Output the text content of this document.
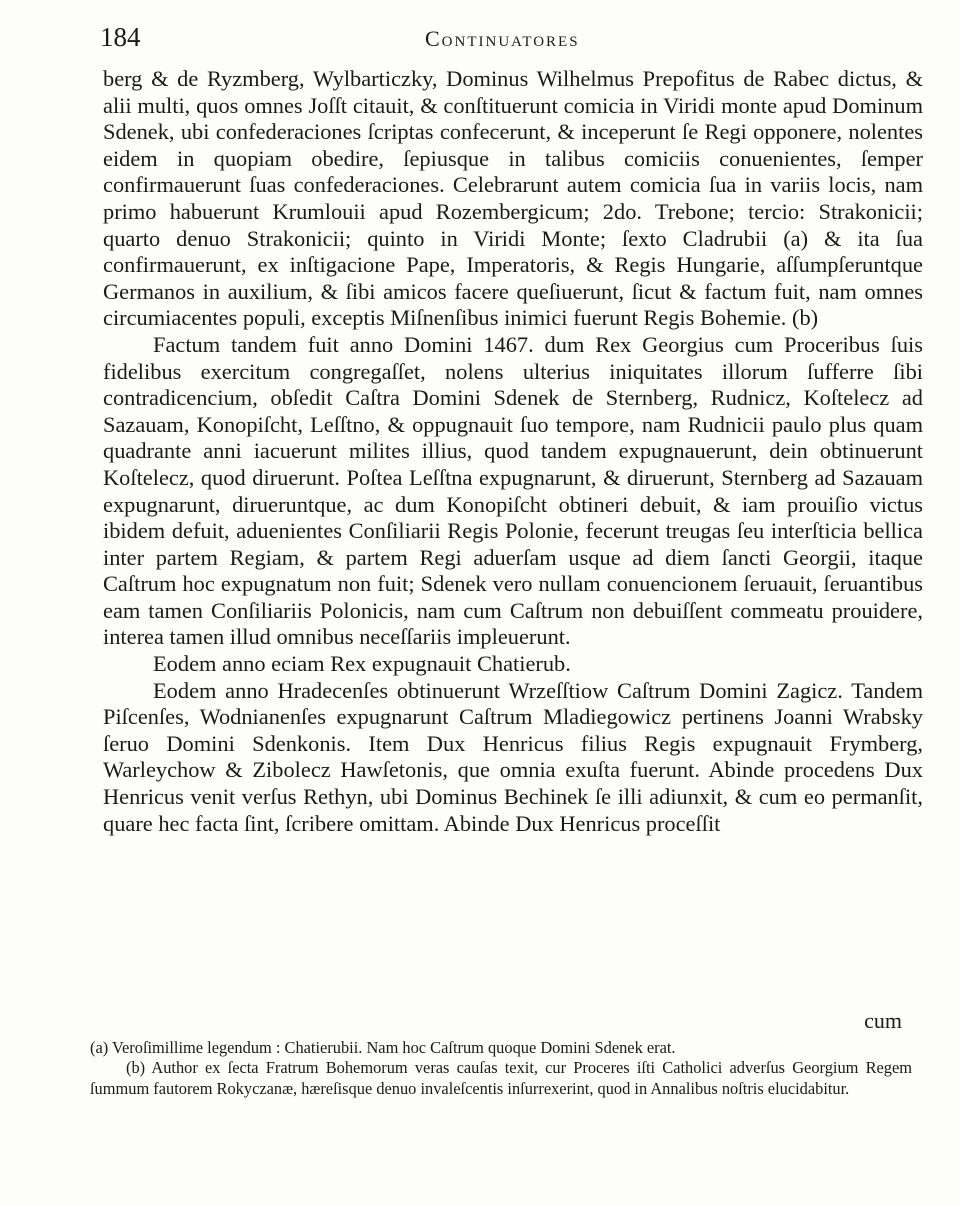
184	Continuatores

berg & de Ryzmberg, Wylbarticzky, Dominus Wilhelmus Prepofitus de Rabec dictus, & alii multi, quos omnes Joſſt citauit, & conſtituerunt comicia in Viridi monte apud Dominum Sdenek, ubi confederaciones ſcriptas confecerunt, & inceperunt ſe Regi opponere, nolentes eidem in quopiam obedire, ſepiusque in talibus comiciis conuenientes, ſemper confirmauerunt ſuas confederaciones. Celebrarunt autem comicia ſua in variis locis, nam primo habuerunt Krumlouii apud Rozembergicum; 2do. Trebone; tercio: Strakonicii; quarto denuo Strakonicii; quinto in Viridi Monte; ſexto Cladrubii (a) & ita ſua confirmauerunt, ex inſtigacione Pape, Imperatoris, & Regis Hungarie, aſſumpſeruntque Germanos in auxilium, & ſibi amicos facere queſiuerunt, ſicut & factum fuit, nam omnes circumiacentes populi, exceptis Miſnenſibus inimici fuerunt Regis Bohemie. (b)

Factum tandem fuit anno Domini 1467. dum Rex Georgius cum Proceribus ſuis fidelibus exercitum congregaſſet, nolens ulterius iniquitates illorum ſufferre ſibi contradicencium, obſedit Caſtra Domini Sdenek de Sternberg, Rudnicz, Koſtelecz ad Sazauam, Konopiſcht, Leſſtno, & oppugnauit ſuo tempore, nam Rudnicii paulo plus quam quadrante anni iacuerunt milites illius, quod tandem expugnauerunt, dein obtinuerunt Koſtelecz, quod diruerunt. Poſtea Leſſtna expugnarunt, & diruerunt, Sternberg ad Sazauam expugnarunt, dirueruntque, ac dum Konopiſcht obtineri debuit, & iam prouiſio victus ibidem defuit, aduenientes Conſiliarii Regis Polonie, fecerunt treugas ſeu interſticia bellica inter partem Regiam, & partem Regi aduerſam usque ad diem ſancti Georgii, itaque Caſtrum hoc expugnatum non fuit; Sdenek vero nullam conuencionem ſeruauit, ſeruantibus eam tamen Conſiliariis Polonicis, nam cum Caſtrum non debuiſſent commeatu prouidere, interea tamen illud omnibus neceſſariis impleuerunt.

Eodem anno eciam Rex expugnauit Chatierub.

Eodem anno Hradecenſes obtinuerunt Wrzeſſtiow Caſtrum Domini Zagicz. Tandem Piſcenſes, Wodnianenſes expugnarunt Caſtrum Mladiegowicz pertinens Joanni Wrabsky ſeruo Domini Sdenkonis. Item Dux Henricus filius Regis expugnauit Frymberg, Warleychow & Zibolecz Hawſetonis, que omnia exuſta fuerunt. Abinde procedens Dux Henricus venit verſus Rethyn, ubi Dominus Bechinek ſe illi adiunxit, & cum eo permanſit, quare hec facta ſint, ſcribere omittam. Abinde Dux Henricus proceſſit

cum

(a) Veroſimillime legendum : Chatierubii. Nam hoc Caſtrum quoque Domini Sdenek erat.

(b) Author ex ſecta Fratrum Bohemorum veras cauſas texit, cur Proceres iſti Catholici adverſus Georgium Regem ſummum fautorem Rokyczanæ, hæreſisque denuo invaleſcentis inſurrexerint, quod in Annalibus noſtris elucidabitur.
